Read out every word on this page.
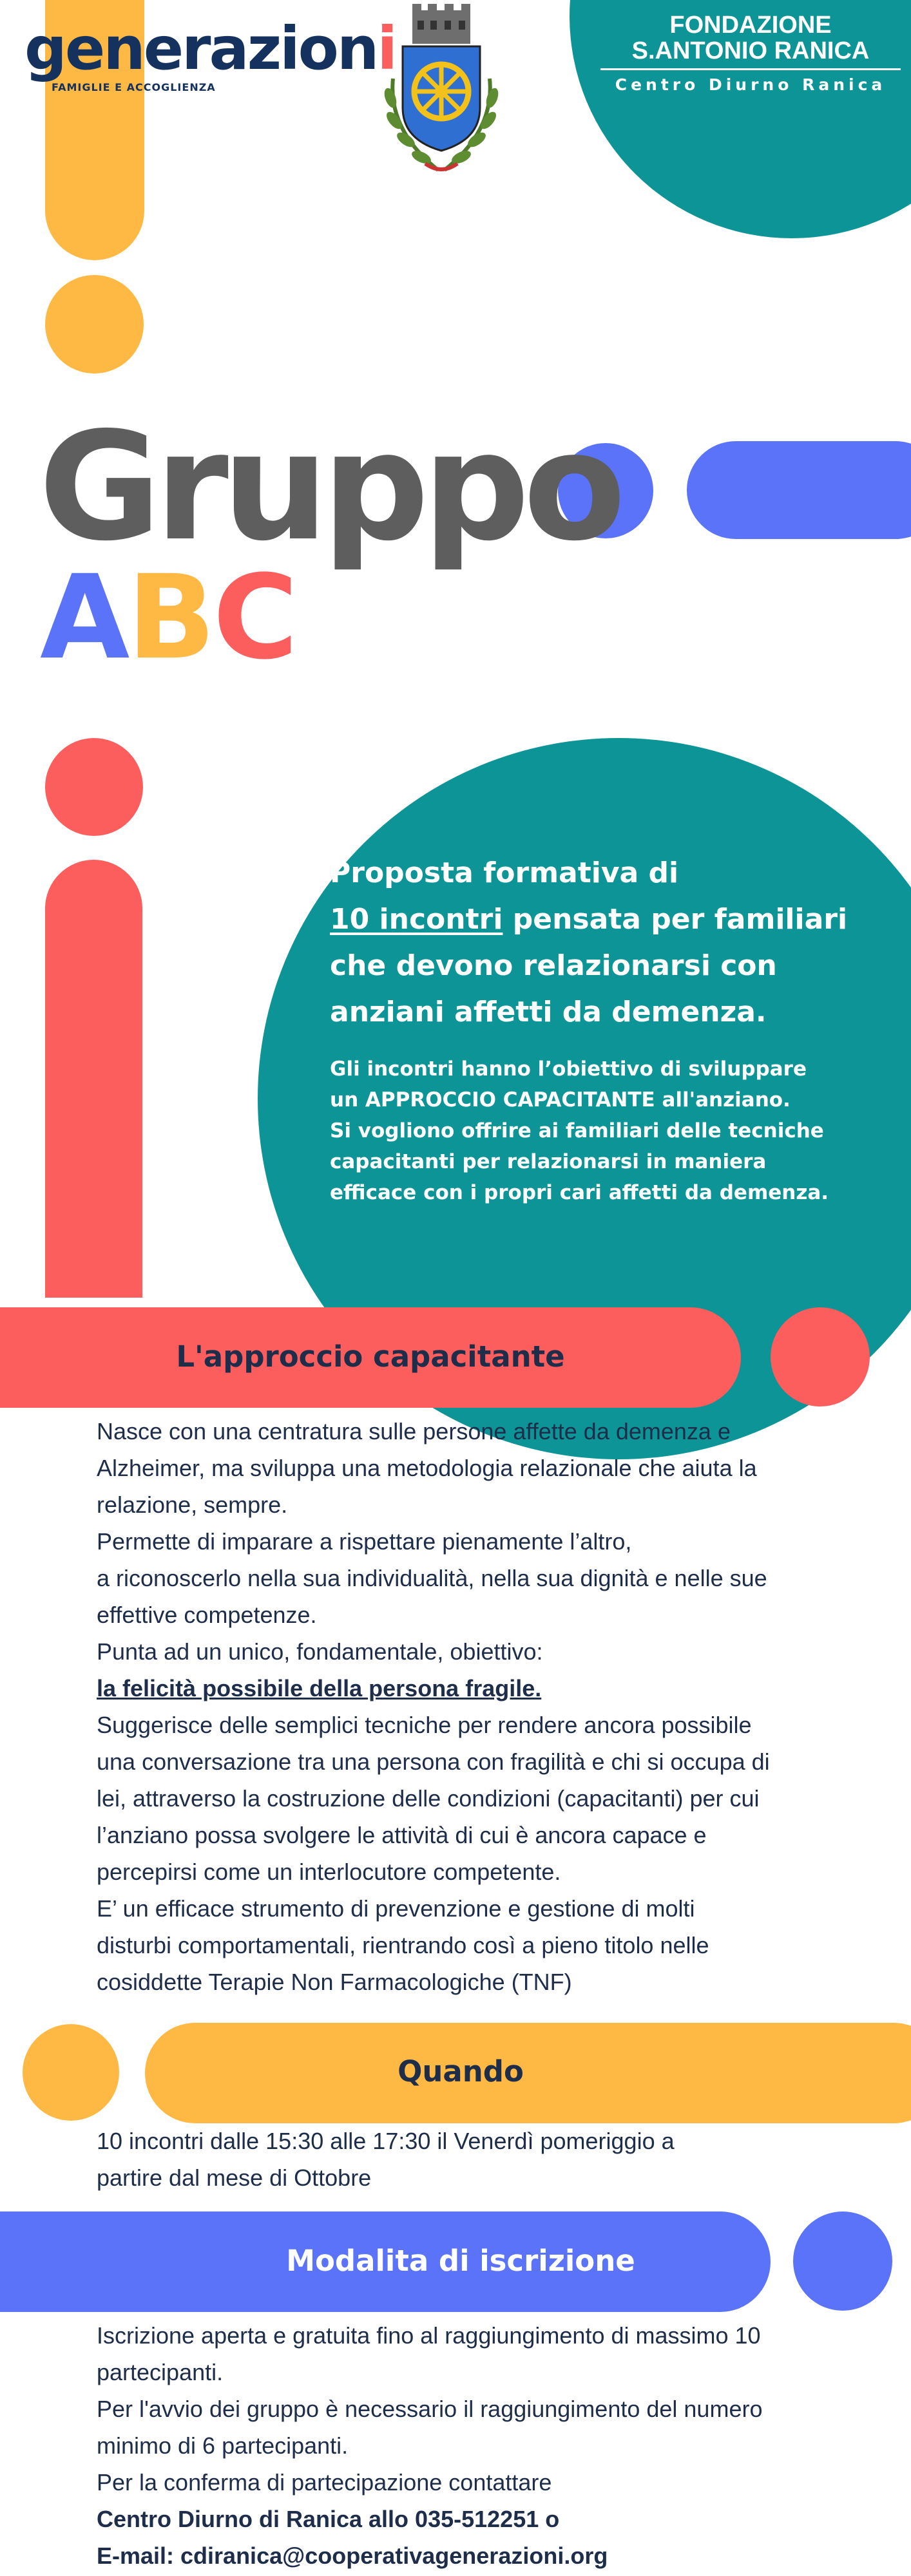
generazioni
FAMIGLIE E ACCOGLIENZA
FONDAZIONE
S.ANTONIO RANICA
Centro Diurno Ranica
Gruppo
ABC
Proposta formativa di
10 incontri pensata per familiari
che devono relazionarsi con
anziani affetti da demenza.
Gli incontri hanno l’obiettivo di sviluppare
un APPROCCIO CAPACITANTE all'anziano.
Si vogliono offrire ai familiari delle tecniche
capacitanti per relazionarsi in maniera
efficace con i propri cari affetti da demenza.
L'approccio capacitante
Nasce con una centratura sulle persone affette da demenza e
Alzheimer, ma sviluppa una metodologia relazionale che aiuta la
relazione, sempre.
Permette di imparare a rispettare pienamente l’altro,
a riconoscerlo nella sua individualità, nella sua dignità e nelle sue
effettive competenze.
Punta ad un unico, fondamentale, obiettivo:
la felicità possibile della persona fragile.
Suggerisce delle semplici tecniche per rendere ancora possibile
una conversazione tra una persona con fragilità e chi si occupa di
lei, attraverso la costruzione delle condizioni (capacitanti) per cui
l’anziano possa svolgere le attività di cui è ancora capace e
percepirsi come un interlocutore competente.
E’ un efficace strumento di prevenzione e gestione di molti
disturbi comportamentali, rientrando così a pieno titolo nelle
cosiddette Terapie Non Farmacologiche (TNF)
Quando
10 incontri dalle 15:30 alle 17:30 il Venerdì pomeriggio a
partire dal mese di Ottobre
Modalita di iscrizione
Iscrizione aperta e gratuita fino al raggiungimento di massimo 10
partecipanti.
Per l'avvio dei gruppo è necessario il raggiungimento del numero
minimo di 6 partecipanti.
Per la conferma di partecipazione contattare
Centro Diurno di Ranica allo 035-512251 o
E-mail: cdiranica@cooperativagenerazioni.org
